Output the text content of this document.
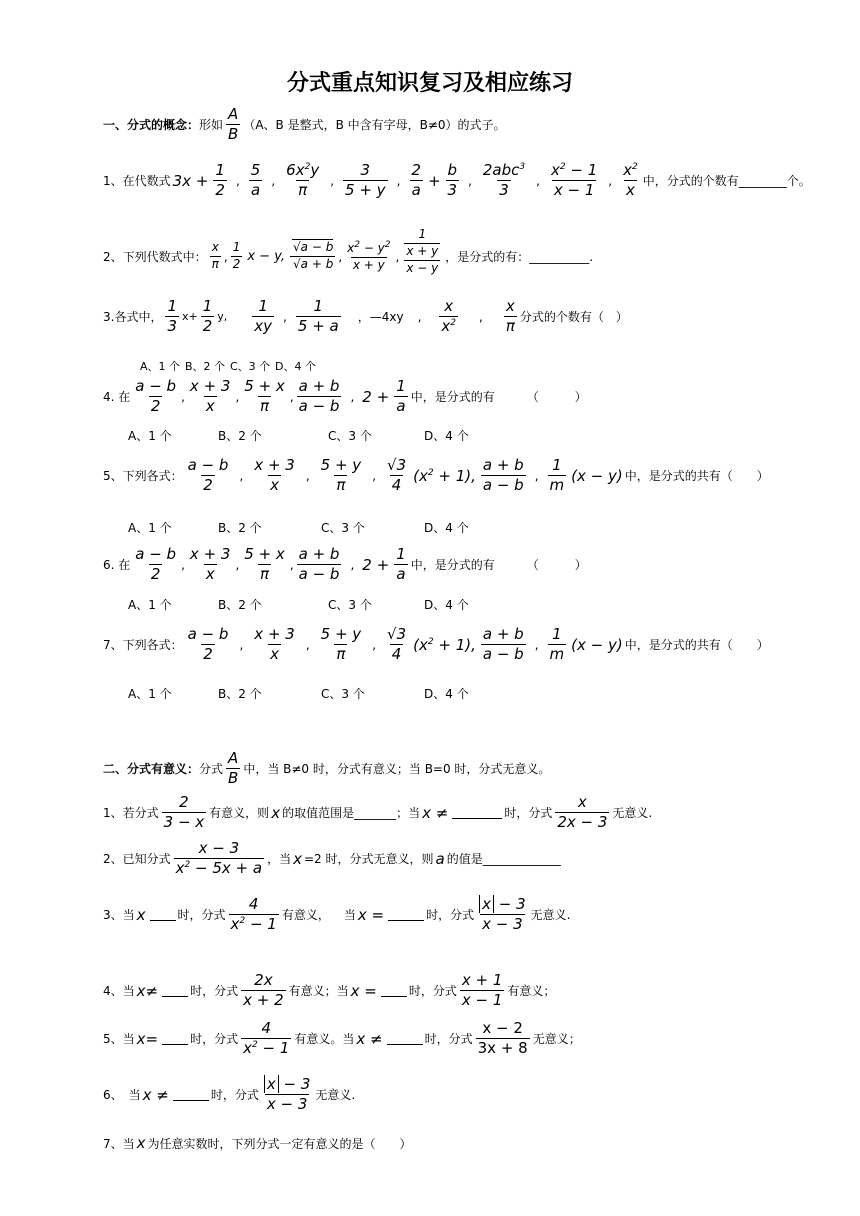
分式重点知识复习及相应练习
一、分式的概念： 形如 $\frac{A}{B} (A$、B 是整式，B 中含有字母，B≠0）的式子。
1、在代数式 $3x + \frac{1}{2}$ , $\frac{5}{a}$ , $\frac{6x^2y}{\pi}$ , $\frac{3}{5 + y}$ , $\frac{2}{a} + \frac{b}{3}$ , $\frac{2abc^3}{3}$ , $\frac{x^2 - 1}{x - 1}$ , $\frac{x^2}{x}$ 中，分式的个数有________个。
2、下列代数式中： $\frac{x}{\pi}$ , $\frac{1}{2}$ x − y, $\frac{√a - b}{√a + b}$ , $\frac{x^2 - y^2}{x + y}$ , $\frac{\frac{1}{x + y}}{x - y}$ ，是分式的有：__________.
3.各式中， $\frac{1}{3} x+ \frac{1}{2} y$, $\frac{1}{xy}$ , $\frac{1}{5 + a}$ ，—4xy , $\frac{x}{x^2}$ , $\frac{x}{\pi}$ 分式的个数有（　）
A、1 个 B、2 个 C、3 个 D、4 个
4. 在 $\frac{a - b}{2}$ , $\frac{x + 3}{x}$ , $\frac{5 + x}{\pi}$ , $\frac{a + b}{a - b}$ , $2 + \frac{1}{a}$ 中，是分式的有	（　　　）
A、1 个	B、2 个	C、3 个	D、4 个
5、下列各式： $\frac{a - b}{2}$ , $\frac{x + 3}{x}$ , $\frac{5 + y}{\pi}$ , $\frac{√3}{4} (x^2 + 1)$, $\frac{a + b}{a - b}$ , $\frac{1}{m} (x - y)$ 中，是分式的共有（　　）
A、1 个	B、2 个	C、3 个	D、4 个
6. 在 $\frac{a - b}{2}$ , $\frac{x + 3}{x}$ , $\frac{5 + x}{\pi}$ , $\frac{a + b}{a - b}$ , $2 + \frac{1}{a}$ 中，是分式的有	（　　　）
A、1 个	B、2 个	C、3 个	D、4 个
7、下列各式： $\frac{a - b}{2}$ , $\frac{x + 3}{x}$ , $\frac{5 + y}{\pi}$ , $\frac{√3}{4} (x^2 + 1)$, $\frac{a + b}{a - b}$ , $\frac{1}{m} (x - y)$ 中，是分式的共有（　　）
A、1 个	B、2 个	C、3 个	D、4 个
二、分式有意义： 分式 $\frac{A}{B}$ 中，当 B≠0 时，分式有意义；当 B=0 时，分式无意义。
1、若分式 $\frac{2}{3 - x}$ 有意义，则 x 的取值范围是_______；当 x ≠	时，分式 $\frac{x}{2x - 3}$ 无意义.
2、已知分式 $\frac{x - 3}{x^2 - 5x + a}$ ，当 x =2 时，分式无意义，则 a 的值是_____________
3、当 x	时，分式 $\frac{4}{x^2 - 1}$ 有意义， 当 x =	时，分式 $\frac{x - 3}{x - 3}$ 无意义.
4、当 x≠	时，分式 $\frac{2x}{x + 2}$ 有意义；当 x =	时，分式 $\frac{x + 1}{x - 1}$ 有意义；
5、当 x=	时，分式 $\frac{4}{x^2 - 1}$ 有意义。当 x ≠	时，分式 $\frac{x - 2}{3x + 8}$ 无意义；
6、　当 x ≠	时，分式 $\frac{x - 3}{x - 3}$ 无意义.
7、当 x 为任意实数时，下列分式一定有意义的是（　　）
